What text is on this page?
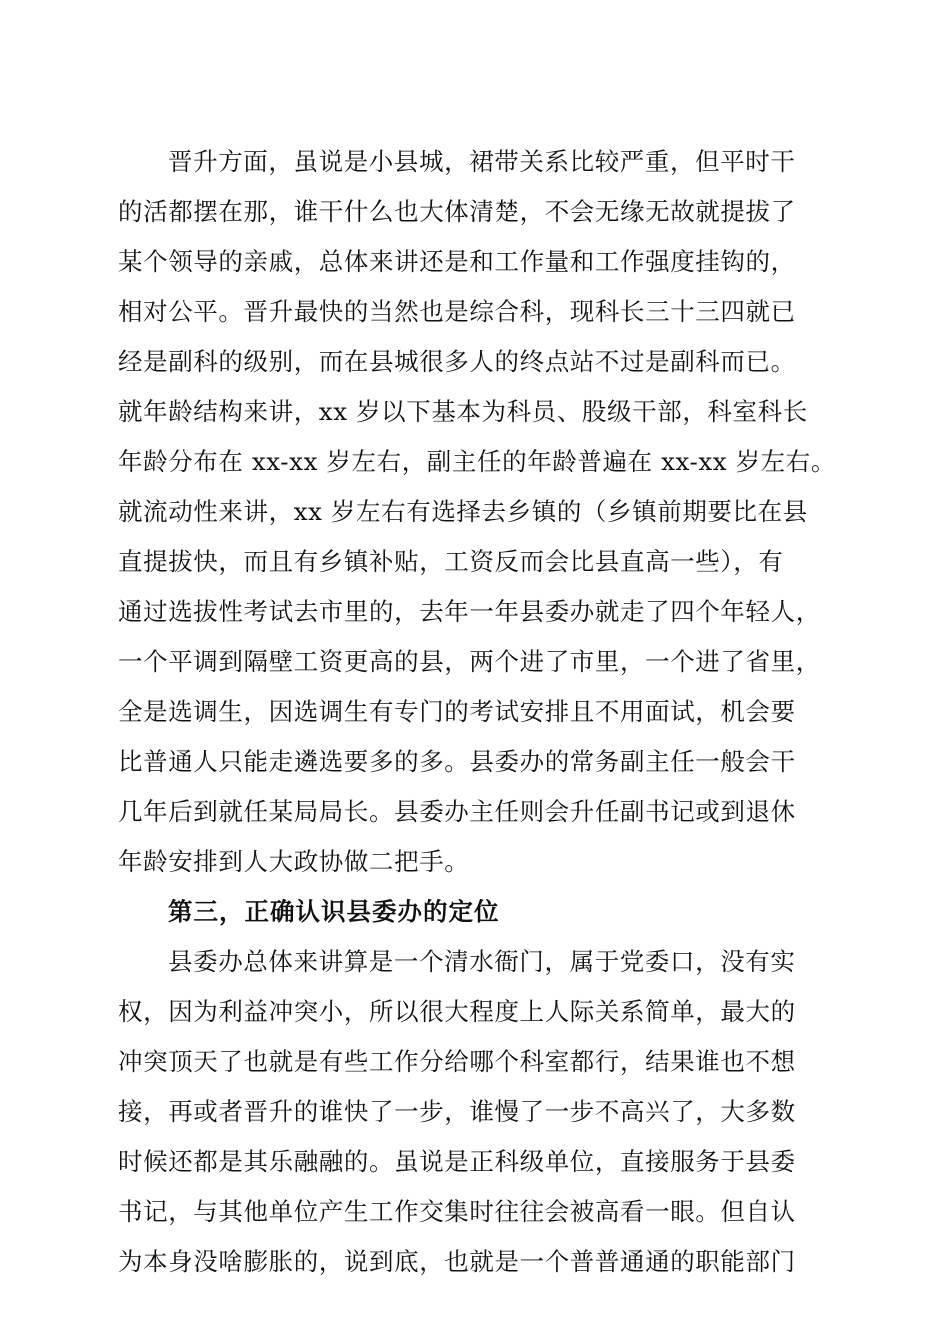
晋升方面，虽说是小县城，裙带关系比较严重，但平时干
的活都摆在那，谁干什么也大体清楚，不会无缘无故就提拔了
某个领导的亲戚，总体来讲还是和工作量和工作强度挂钩的，
相对公平。晋升最快的当然也是综合科，现科长三十三四就已
经是副科的级别，而在县城很多人的终点站不过是副科而已。
就年龄结构来讲，xx 岁以下基本为科员、股级干部，科室科长
年龄分布在 xx-xx 岁左右，副主任的年龄普遍在 xx-xx 岁左右。
就流动性来讲，xx 岁左右有选择去乡镇的（乡镇前期要比在县
直提拔快，而且有乡镇补贴，工资反而会比县直高一些），有
通过选拔性考试去市里的，去年一年县委办就走了四个年轻人，
一个平调到隔壁工资更高的县，两个进了市里，一个进了省里，
全是选调生，因选调生有专门的考试安排且不用面试，机会要
比普通人只能走遴选要多的多。县委办的常务副主任一般会干
几年后到就任某局局长。县委办主任则会升任副书记或到退休
年龄安排到人大政协做二把手。
第三，正确认识县委办的定位
县委办总体来讲算是一个清水衙门，属于党委口，没有实
权，因为利益冲突小，所以很大程度上人际关系简单，最大的
冲突顶天了也就是有些工作分给哪个科室都行，结果谁也不想
接，再或者晋升的谁快了一步，谁慢了一步不高兴了，大多数
时候还都是其乐融融的。虽说是正科级单位，直接服务于县委
书记，与其他单位产生工作交集时往往会被高看一眼。但自认
为本身没啥膨胀的，说到底，也就是一个普普通通的职能部门
